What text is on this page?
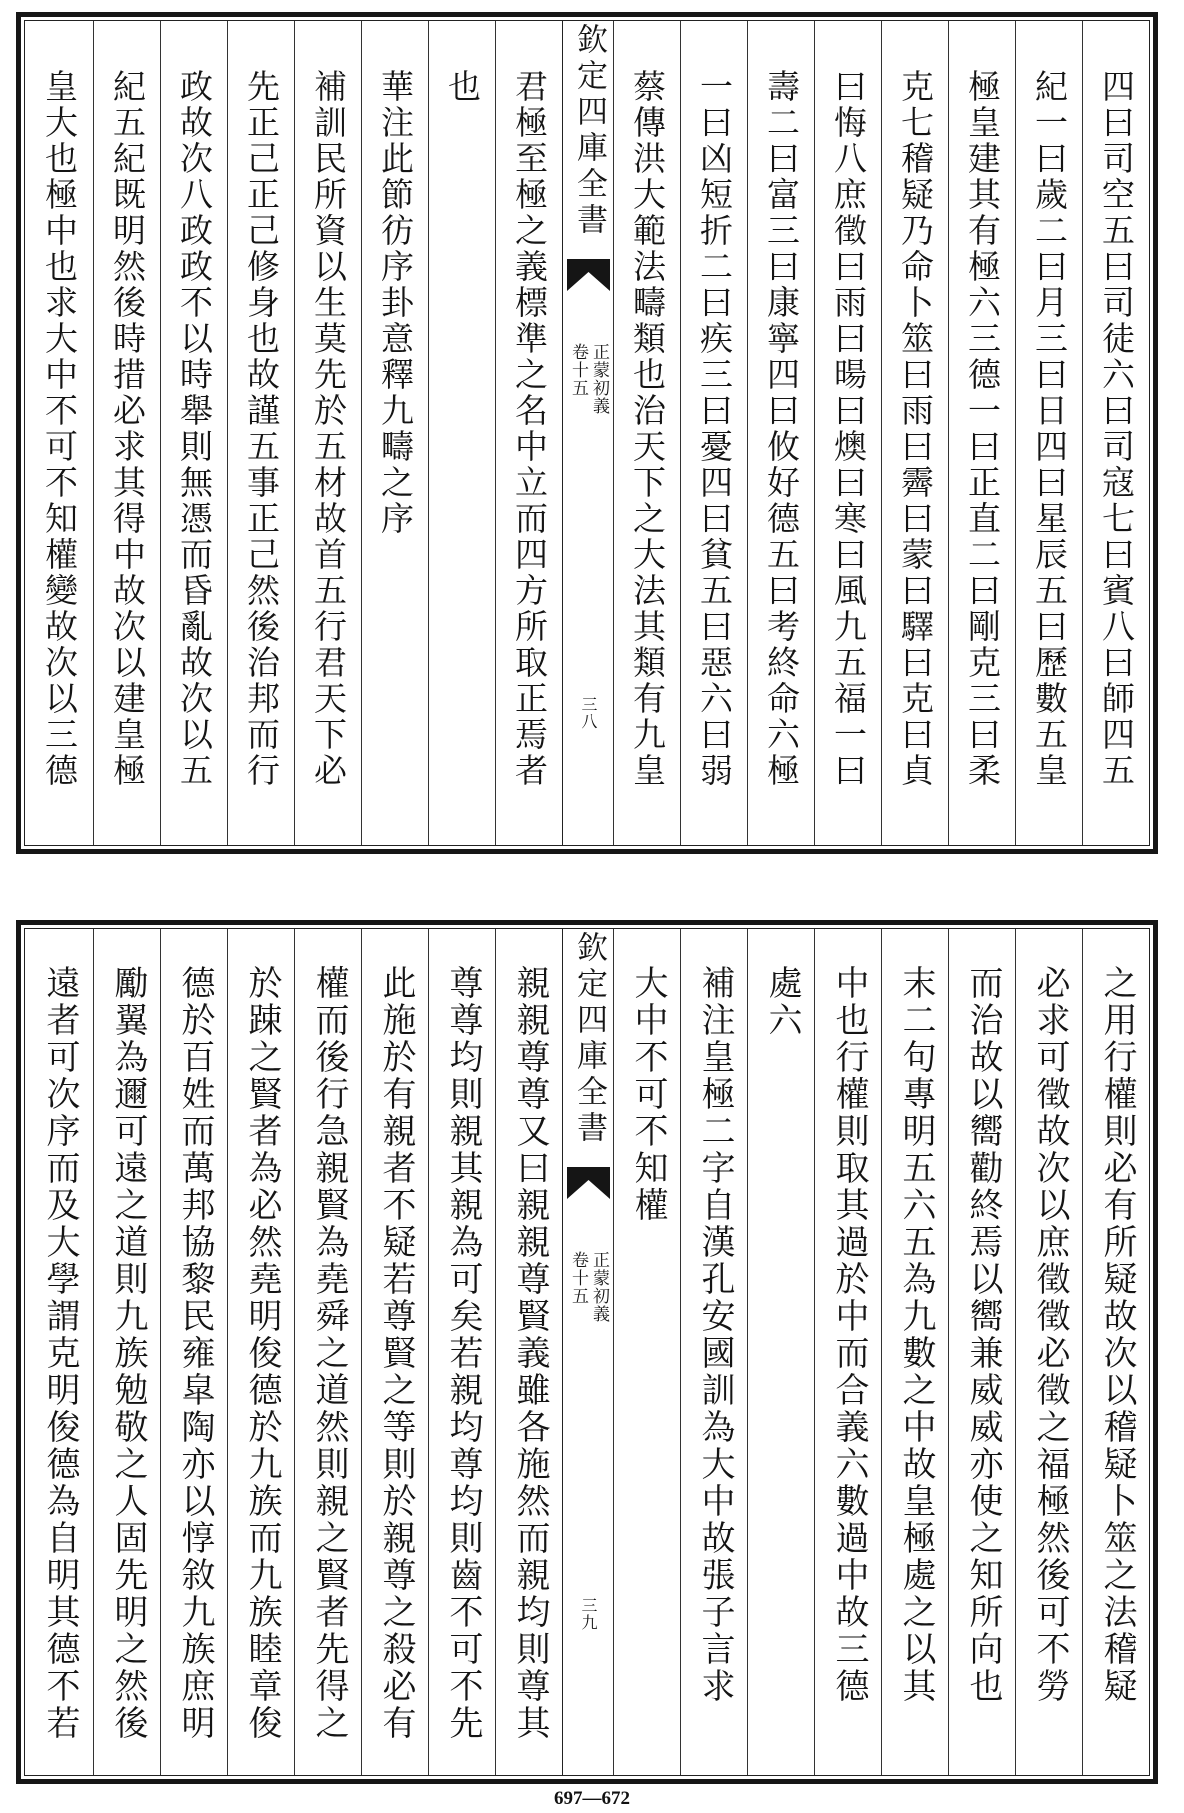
四曰司空五曰司徒六曰司寇七曰賓八曰師四五
紀一曰歲二曰月三曰日四曰星辰五曰歷數五皇
極皇建其有極六三德一曰正直二曰剛克三曰柔
克七稽疑乃命卜筮曰雨曰霽曰蒙曰驛曰克曰貞
曰悔八庶徵曰雨曰暘曰燠曰寒曰風九五福一曰
壽二曰富三曰康寧四曰攸好德五曰考終命六極
一曰凶短折二曰疾三曰憂四曰貧五曰惡六曰弱
蔡傳洪大範法疇類也治天下之大法其類有九皇
欽定四庫全書
正蒙初義
卷十五
三八
君極至極之義標準之名中立而四方所取正焉者
也
華注此節彷序卦意釋九疇之序
補訓民所資以生莫先於五材故首五行君天下必
先正己正己修身也故謹五事正己然後治邦而行
政故次八政政不以時舉則無憑而昏亂故次以五
紀五紀既明然後時措必求其得中故次以建皇極
皇大也極中也求大中不可不知權變故次以三德
之用行權則必有所疑故次以稽疑卜筮之法稽疑
必求可徵故次以庶徵徵必徵之福極然後可不勞
而治故以嚮勸終焉以嚮兼威威亦使之知所向也
末二句專明五六五為九數之中故皇極處之以其
中也行權則取其過於中而合義六數過中故三德
處六
補注皇極二字自漢孔安國訓為大中故張子言求
大中不可不知權
欽定四庫全書
正蒙初義
卷十五
三九
親親尊尊又曰親親尊賢義雖各施然而親均則尊其
尊尊均則親其親為可矣若親均尊均則齒不可不先
此施於有親者不疑若尊賢之等則於親尊之殺必有
權而後行急親賢為堯舜之道然則親之賢者先得之
於踈之賢者為必然堯明俊德於九族而九族睦章俊
德於百姓而萬邦協黎民雍皐陶亦以惇敘九族庶明
勵翼為邇可遠之道則九族勉敬之人固先明之然後
遠者可次序而及大學謂克明俊德為自明其德不若
697—672
